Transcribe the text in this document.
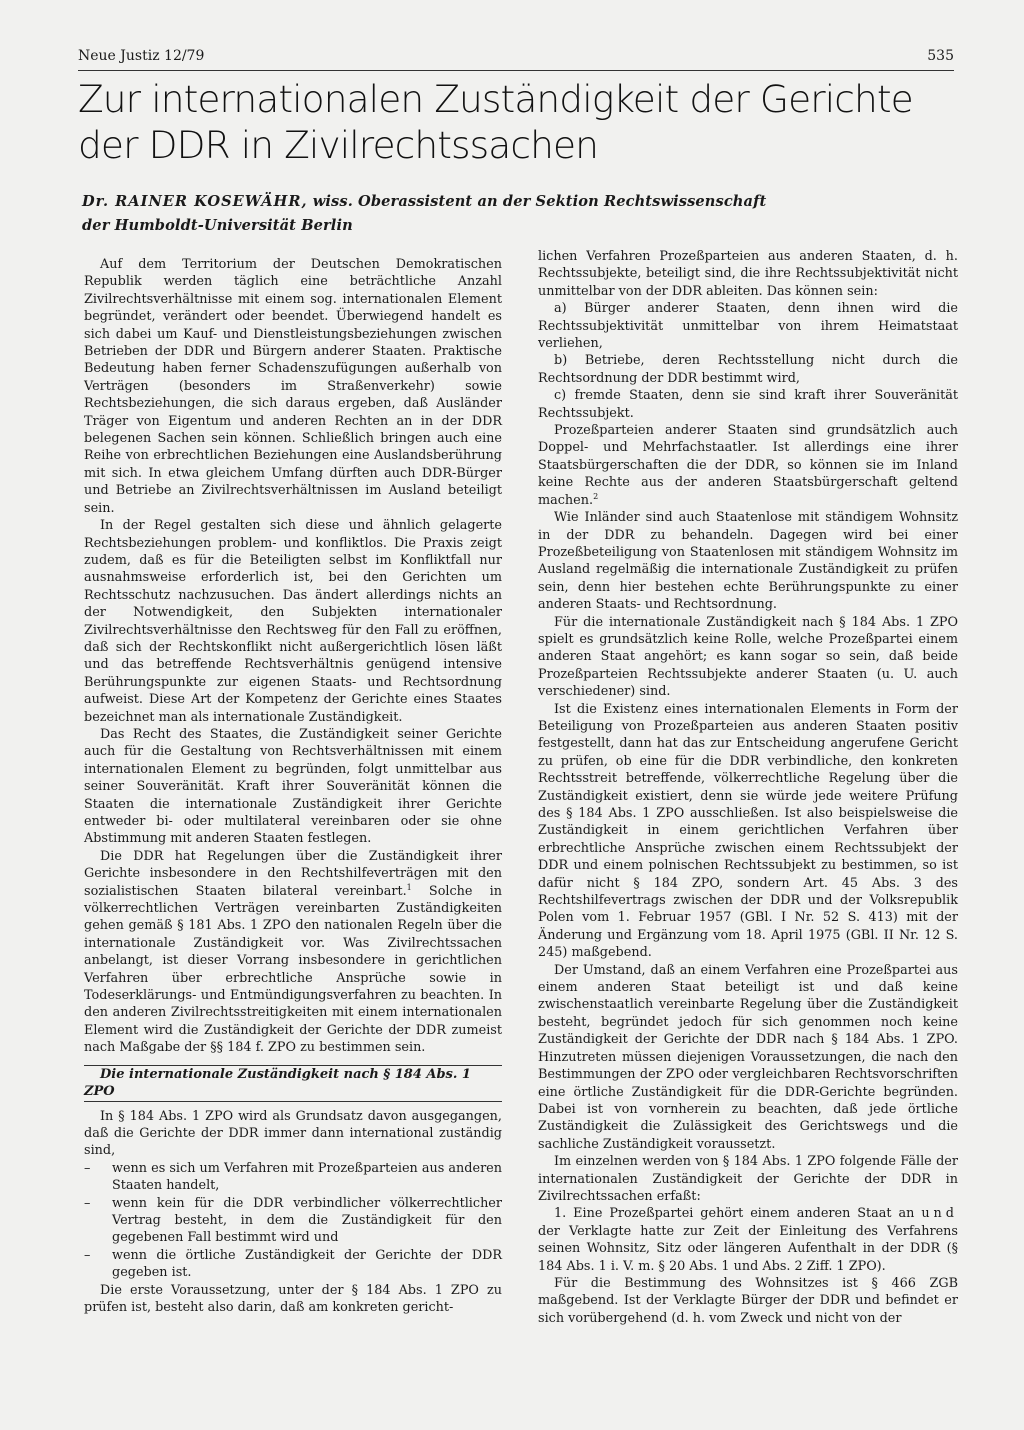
Neue Justiz 12/79	535
Zur internationalen Zuständigkeit der Gerichte der DDR in Zivilrechtssachen
Dr. RAINER KOSEWÄHR, wiss. Oberassistent an der Sektion Rechtswissenschaft
der Humboldt-Universität Berlin

Auf dem Territorium der Deutschen Demokratischen Republik werden täglich eine beträchtliche Anzahl Zivilrechtsverhältnisse mit einem sog. internationalen Element begründet, verändert oder beendet. Überwiegend handelt es sich dabei um Kauf- und Dienstleistungsbeziehungen zwischen Betrieben der DDR und Bürgern anderer Staaten. Praktische Bedeutung haben ferner Schadenszufügungen außerhalb von Verträgen (besonders im Straßenverkehr) sowie Rechtsbeziehungen, die sich daraus ergeben, daß Ausländer Träger von Eigentum und anderen Rechten an in der DDR belegenen Sachen sein können. Schließlich bringen auch eine Reihe von erbrechtlichen Beziehungen eine Auslandsberührung mit sich. In etwa gleichem Umfang dürften auch DDR-Bürger und Betriebe an Zivilrechtsverhältnissen im Ausland beteiligt sein.

In der Regel gestalten sich diese und ähnlich gelagerte Rechtsbeziehungen problem- und konfliktlos. Die Praxis zeigt zudem, daß es für die Beteiligten selbst im Konfliktfall nur ausnahmsweise erforderlich ist, bei den Gerichten um Rechtsschutz nachzusuchen. Das ändert allerdings nichts an der Notwendigkeit, den Subjekten internationaler Zivilrechtsverhältnisse den Rechtsweg für den Fall zu eröffnen, daß sich der Rechtskonflikt nicht außergerichtlich lösen läßt und das betreffende Rechtsverhältnis genügend intensive Berührungspunkte zur eigenen Staats- und Rechtsordnung aufweist. Diese Art der Kompetenz der Gerichte eines Staates bezeichnet man als internationale Zuständigkeit.

Das Recht des Staates, die Zuständigkeit seiner Gerichte auch für die Gestaltung von Rechtsverhältnissen mit einem internationalen Element zu begründen, folgt unmittelbar aus seiner Souveränität. Kraft ihrer Souveränität können die Staaten die internationale Zuständigkeit ihrer Gerichte entweder bi- oder multilateral vereinbaren oder sie ohne Abstimmung mit anderen Staaten festlegen.

Die DDR hat Regelungen über die Zuständigkeit ihrer Gerichte insbesondere in den Rechtshilfeverträgen mit den sozialistischen Staaten bilateral vereinbart.$^1$ Solche in völkerrechtlichen Verträgen vereinbarten Zuständigkeiten gehen gemäß § 181 Abs. 1 ZPO den nationalen Regeln über die internationale Zuständigkeit vor. Was Zivilrechtssachen anbelangt, ist dieser Vorrang insbesondere in gerichtlichen Verfahren über erbrechtliche Ansprüche sowie in Todeserklärungs- und Entmündigungsverfahren zu beachten. In den anderen Zivilrechtsstreitigkeiten mit einem internationalen Element wird die Zuständigkeit der Gerichte der DDR zumeist nach Maßgabe der §§ 184 f. ZPO zu bestimmen sein.

Die internationale Zuständigkeit nach § 184 Abs. 1 ZPO

In § 184 Abs. 1 ZPO wird als Grundsatz davon ausgegangen, daß die Gerichte der DDR immer dann international zuständig sind,

– wenn es sich um Verfahren mit Prozeßparteien aus anderen Staaten handelt,
– wenn kein für die DDR verbindlicher völkerrechtlicher Vertrag besteht, in dem die Zuständigkeit für den gegebenen Fall bestimmt wird und
– wenn die örtliche Zuständigkeit der Gerichte der DDR gegeben ist.

Die erste Voraussetzung, unter der § 184 Abs. 1 ZPO zu prüfen ist, besteht also darin, daß am konkreten gericht-

lichen Verfahren Prozeßparteien aus anderen Staaten, d. h. Rechtssubjekte, beteiligt sind, die ihre Rechtssubjektivität nicht unmittelbar von der DDR ableiten. Das können sein:

a) Bürger anderer Staaten, denn ihnen wird die Rechtssubjektivität unmittelbar von ihrem Heimatstaat verliehen,

b) Betriebe, deren Rechtsstellung nicht durch die Rechtsordnung der DDR bestimmt wird,

c) fremde Staaten, denn sie sind kraft ihrer Souveränität Rechtssubjekt.

Prozeßparteien anderer Staaten sind grundsätzlich auch Doppel- und Mehrfachstaatler. Ist allerdings eine ihrer Staatsbürgerschaften die der DDR, so können sie im Inland keine Rechte aus der anderen Staatsbürgerschaft geltend machen.$^2$

Wie Inländer sind auch Staatenlose mit ständigem Wohnsitz in der DDR zu behandeln. Dagegen wird bei einer Prozeßbeteiligung von Staatenlosen mit ständigem Wohnsitz im Ausland regelmäßig die internationale Zuständigkeit zu prüfen sein, denn hier bestehen echte Berührungspunkte zu einer anderen Staats- und Rechtsordnung.

Für die internationale Zuständigkeit nach § 184 Abs. 1 ZPO spielt es grundsätzlich keine Rolle, welche Prozeßpartei einem anderen Staat angehört; es kann sogar so sein, daß beide Prozeßparteien Rechtssubjekte anderer Staaten (u. U. auch verschiedener) sind.

Ist die Existenz eines internationalen Elements in Form der Beteiligung von Prozeßparteien aus anderen Staaten positiv festgestellt, dann hat das zur Entscheidung angerufene Gericht zu prüfen, ob eine für die DDR verbindliche, den konkreten Rechtsstreit betreffende, völkerrechtliche Regelung über die Zuständigkeit existiert, denn sie würde jede weitere Prüfung des § 184 Abs. 1 ZPO ausschließen. Ist also beispielsweise die Zuständigkeit in einem gerichtlichen Verfahren über erbrechtliche Ansprüche zwischen einem Rechtssubjekt der DDR und einem polnischen Rechtssubjekt zu bestimmen, so ist dafür nicht § 184 ZPO, sondern Art. 45 Abs. 3 des Rechtshilfevertrags zwischen der DDR und der Volksrepublik Polen vom 1. Februar 1957 (GBl. I Nr. 52 S. 413) mit der Änderung und Ergänzung vom 18. April 1975 (GBl. II Nr. 12 S. 245) maßgebend.

Der Umstand, daß an einem Verfahren eine Prozeßpartei aus einem anderen Staat beteiligt ist und daß keine zwischenstaatlich vereinbarte Regelung über die Zuständigkeit besteht, begründet jedoch für sich genommen noch keine Zuständigkeit der Gerichte der DDR nach § 184 Abs. 1 ZPO. Hinzutreten müssen diejenigen Voraussetzungen, die nach den Bestimmungen der ZPO oder vergleichbaren Rechtsvorschriften eine örtliche Zuständigkeit für die DDR-Gerichte begründen. Dabei ist von vornherein zu beachten, daß jede örtliche Zuständigkeit die Zulässigkeit des Gerichtswegs und die sachliche Zuständigkeit voraussetzt.

Im einzelnen werden von § 184 Abs. 1 ZPO folgende Fälle der internationalen Zuständigkeit der Gerichte der DDR in Zivilrechtssachen erfaßt:

1. Eine Prozeßpartei gehört einem anderen Staat an und der Verklagte hatte zur Zeit der Einleitung des Verfahrens seinen Wohnsitz, Sitz oder längeren Aufenthalt in der DDR (§ 184 Abs. 1 i. V. m. § 20 Abs. 1 und Abs. 2 Ziff. 1 ZPO).

Für die Bestimmung des Wohnsitzes ist § 466 ZGB maßgebend. Ist der Verklagte Bürger der DDR und befindet er sich vorübergehend (d. h. vom Zweck und nicht von der
